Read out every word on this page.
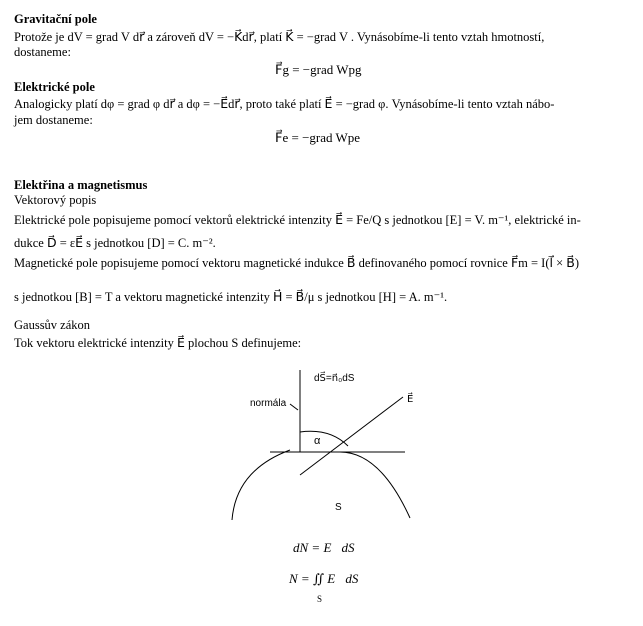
Gravitační pole
Protože je dV = grad V dr⃗ a zároveň dV = −K⃗dr⃗, platí K⃗ = −grad V . Vynásobíme-li tento vztah hmotností,
dostaneme:
F⃗g = −grad Wpg
Elektrické pole
Analogicky platí dφ = grad φ dr⃗ a dφ = −E⃗dr⃗, proto také platí E⃗ = −grad φ. Vynásobíme-li tento vztah nábo-
jem dostaneme:
F⃗e = −grad Wpe
Elektřina a magnetismus
Vektorový popis
Elektrické pole popisujeme pomocí vektorů elektrické intenzity E⃗ = Fe/Q s jednotkou [E] = V. m⁻¹, elektrické in-
dukce D⃗ = εE⃗ s jednotkou [D] = C. m⁻².
Magnetické pole popisujeme pomocí vektoru magnetické indukce B⃗ definovaného pomocí rovnice F⃗m = I(l⃗ × B⃗)
s jednotkou [B] = T a vektoru magnetické intenzity H⃗ = B⃗/μ s jednotkou [H] = A. m⁻¹.
Gaussův zákon
Tok vektoru elektrické intenzity E⃗ plochou S definujeme:
dS⃗=n⃗₀dS
normála	E⃗
α
S
dN = E⃗dS⃗
N = ∬ E⃗dS⃗
S
